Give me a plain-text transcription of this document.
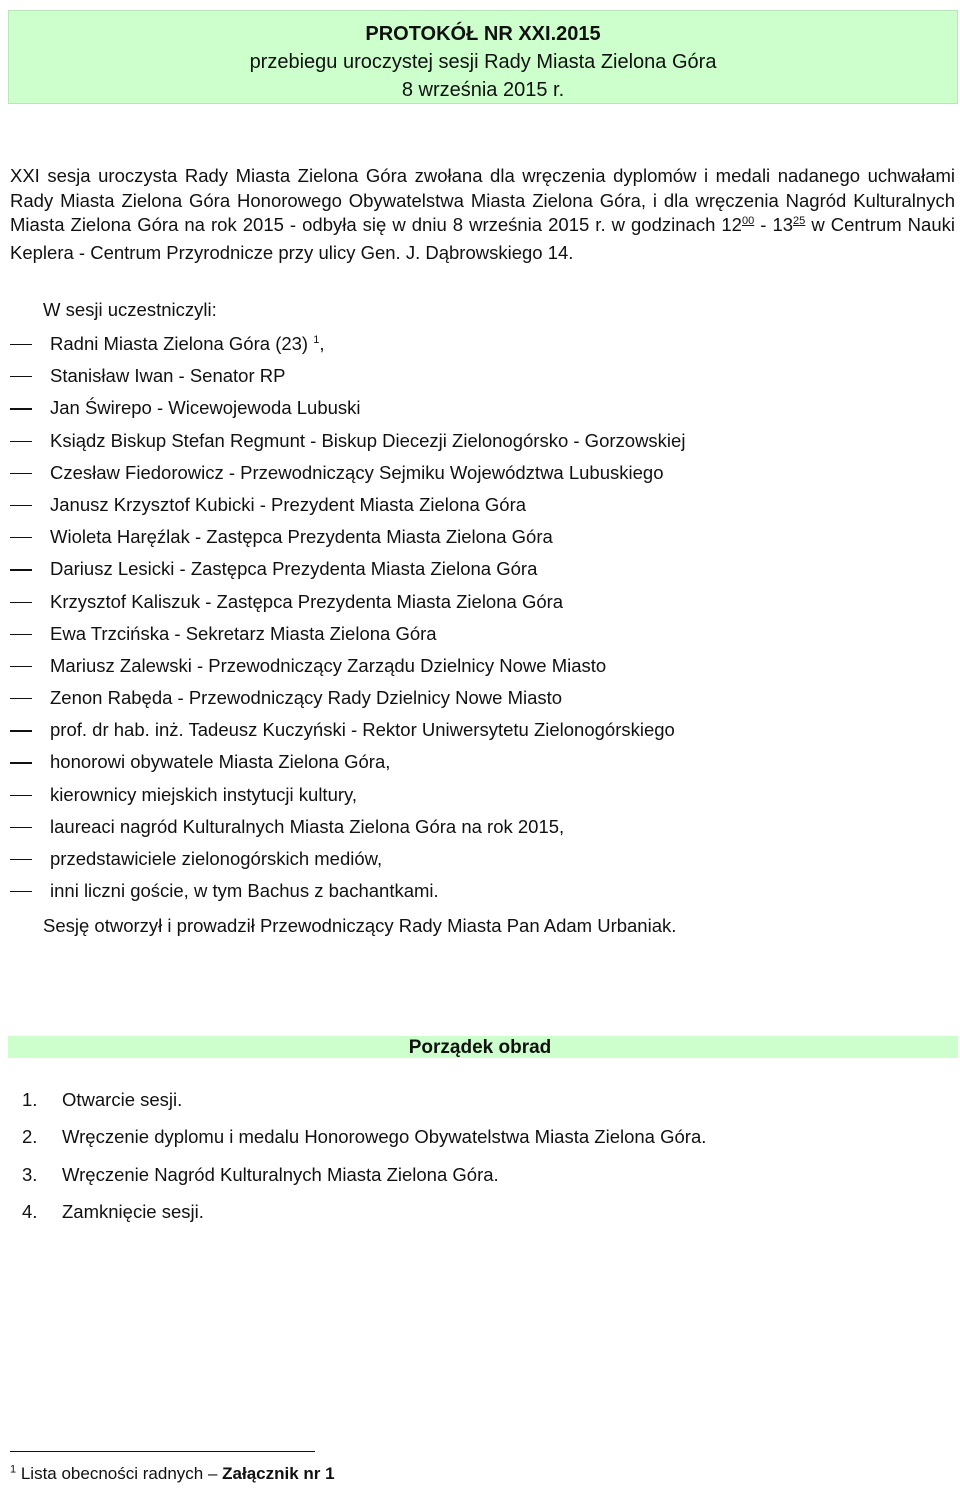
PROTOKÓŁ NR XXI.2015
przebiegu uroczystej sesji Rady Miasta Zielona Góra
8 września 2015 r.
XXI sesja uroczysta Rady Miasta Zielona Góra zwołana dla wręczenia dyplomów i medali nadanego uchwałami Rady Miasta Zielona Góra Honorowego Obywatelstwa Miasta Zielona Góra, i dla wręczenia Nagród Kulturalnych Miasta Zielona Góra na rok 2015 - odbyła się w dniu 8 września 2015 r. w godzinach $12^{00} - 13^{25}$ w Centrum Nauki Keplera - Centrum Przyrodnicze przy ulicy Gen. J. Dąbrowskiego 14.
W sesji uczestniczyli:
Radni Miasta Zielona Góra (23) $^1$,
Stanisław Iwan - Senator RP
Jan Świrepo - Wicewojewoda Lubuski
Ksiądz Biskup Stefan Regmunt - Biskup Diecezji Zielonogórsko - Gorzowskiej
Czesław Fiedorowicz - Przewodniczący Sejmiku Województwa Lubuskiego
Janusz Krzysztof Kubicki - Prezydent Miasta Zielona Góra
Wioleta Haręźlak - Zastępca Prezydenta Miasta Zielona Góra
Dariusz Lesicki - Zastępca Prezydenta Miasta Zielona Góra
Krzysztof Kaliszuk - Zastępca Prezydenta Miasta Zielona Góra
Ewa Trzcińska - Sekretarz Miasta Zielona Góra
Mariusz Zalewski - Przewodniczący Zarządu Dzielnicy Nowe Miasto
Zenon Rabęda - Przewodniczący Rady Dzielnicy Nowe Miasto
prof. dr hab. inż. Tadeusz Kuczyński - Rektor Uniwersytetu Zielonogórskiego
honorowi obywatele Miasta Zielona Góra,
kierownicy miejskich instytucji kultury,
laureaci nagród Kulturalnych Miasta Zielona Góra na rok 2015,
przedstawiciele zielonogórskich mediów,
inni liczni goście, w tym Bachus z bachantkami.
Sesję otworzył i prowadził Przewodniczący Rady Miasta Pan Adam Urbaniak.
Porządek obrad
1. Otwarcie sesji.
2. Wręczenie dyplomu i medalu Honorowego Obywatelstwa Miasta Zielona Góra.
3. Wręczenie Nagród Kulturalnych Miasta Zielona Góra.
4. Zamknięcie sesji.
$^1$ Lista obecności radnych – Załącznik nr 1
